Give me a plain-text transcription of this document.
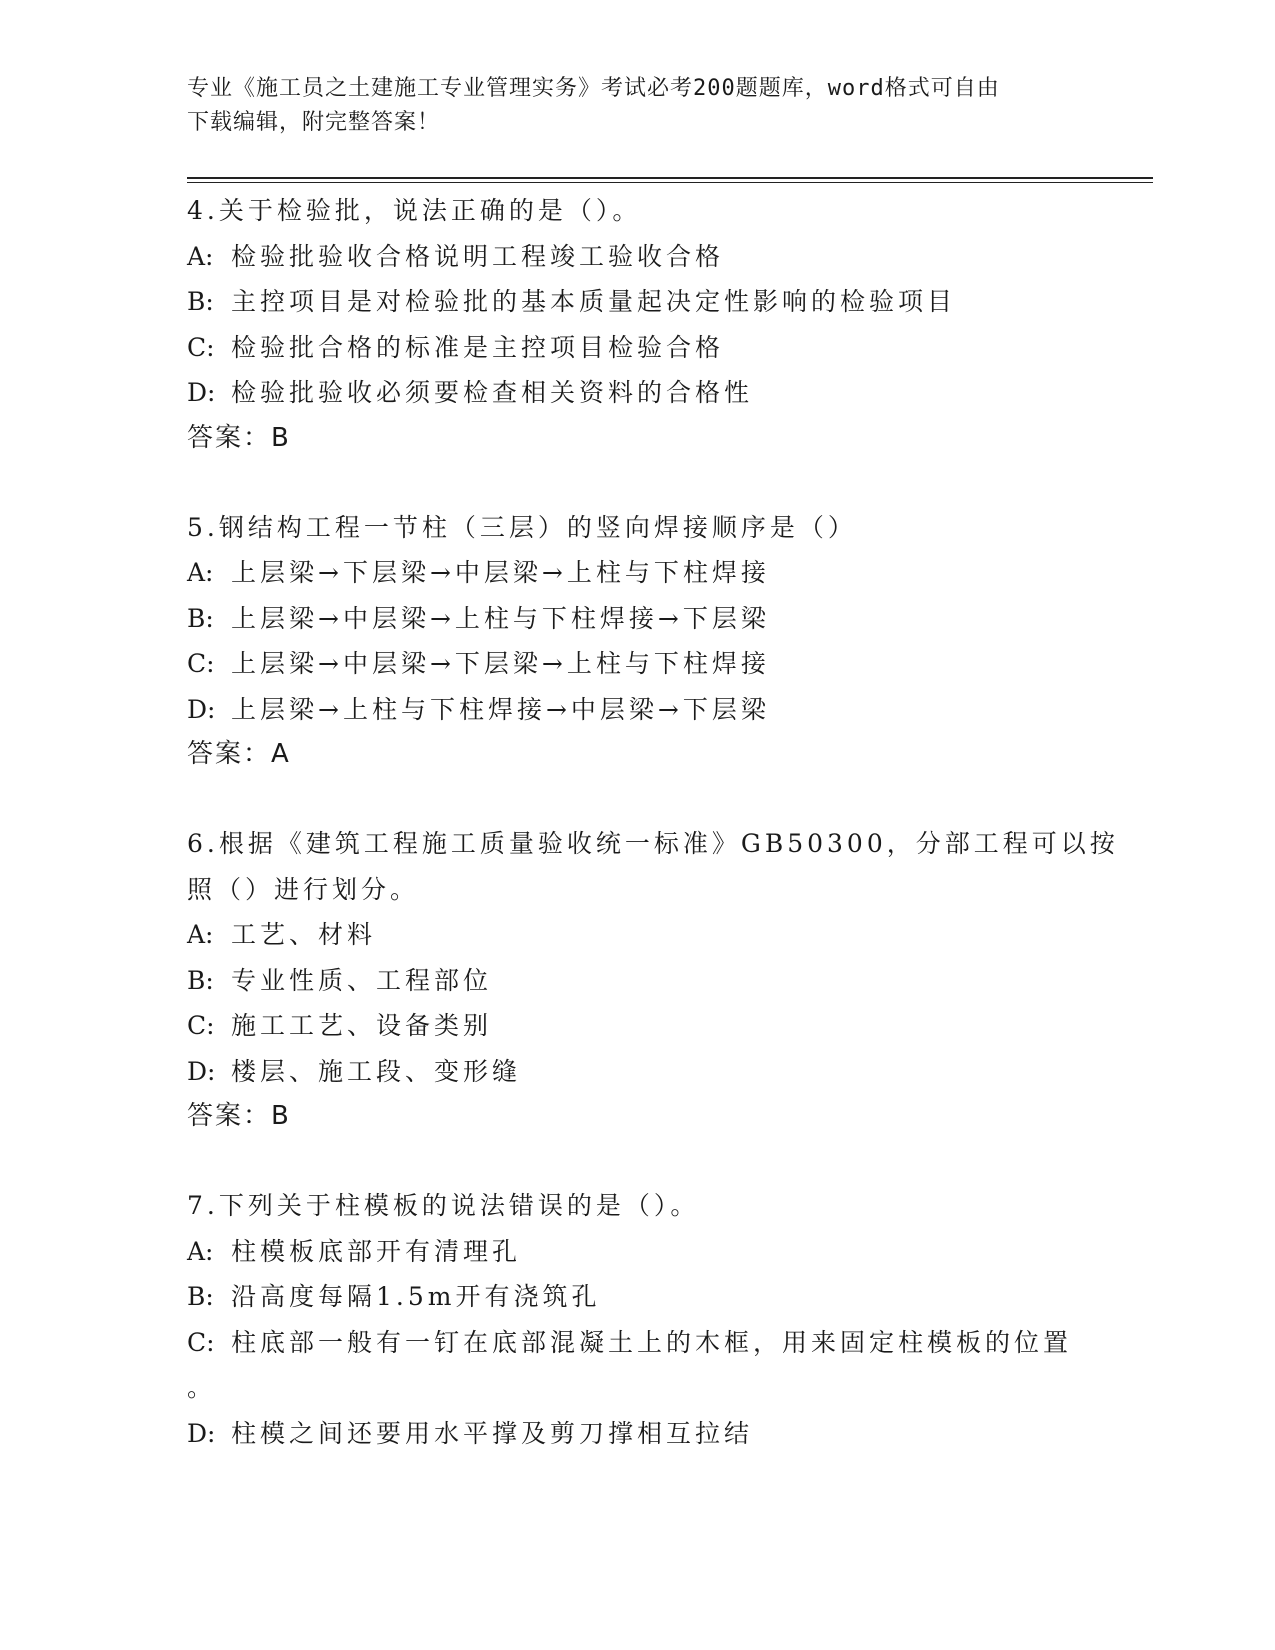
专业《施工员之土建施工专业管理实务》考试必考200题题库，word格式可自由
下载编辑，附完整答案！
4.关于检验批，说法正确的是（）。
A: 检验批验收合格说明工程竣工验收合格
B: 主控项目是对检验批的基本质量起决定性影响的检验项目
C: 检验批合格的标准是主控项目检验合格
D: 检验批验收必须要检查相关资料的合格性
答案：B
5.钢结构工程一节柱（三层）的竖向焊接顺序是（）
A: 上层梁→下层梁→中层梁→上柱与下柱焊接
B: 上层梁→中层梁→上柱与下柱焊接→下层梁
C: 上层梁→中层梁→下层梁→上柱与下柱焊接
D: 上层梁→上柱与下柱焊接→中层梁→下层梁
答案：A
6.根据《建筑工程施工质量验收统一标准》GB50300，分部工程可以按
照（）进行划分。
A: 工艺、材料
B: 专业性质、工程部位
C: 施工工艺、设备类别
D: 楼层、施工段、变形缝
答案：B
7.下列关于柱模板的说法错误的是（）。
A: 柱模板底部开有清理孔
B: 沿高度每隔1.5m开有浇筑孔
C: 柱底部一般有一钉在底部混凝土上的木框，用来固定柱模板的位置
。
D: 柱模之间还要用水平撑及剪刀撑相互拉结
